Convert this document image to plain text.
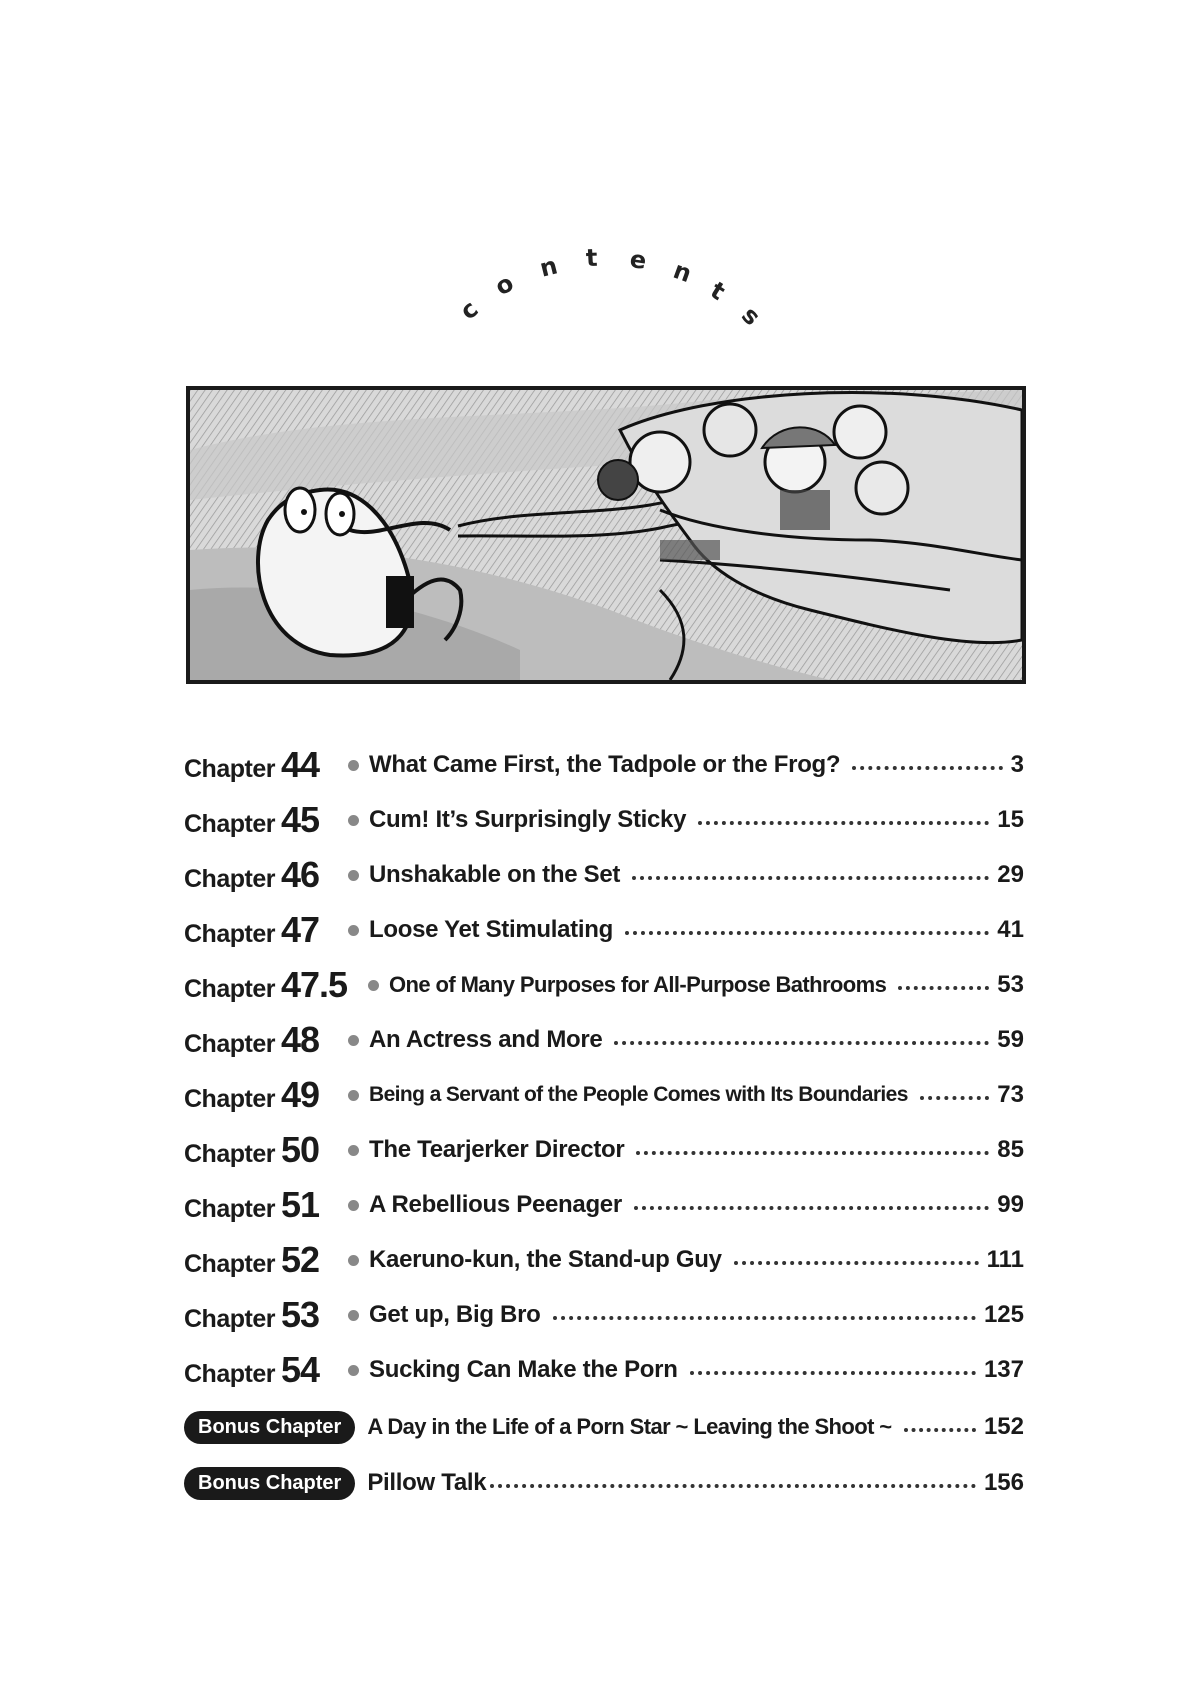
c
o
n t e n
t
s
Chapter 44 What Came First, the Tadpole or the Frog?	3
Chapter 45 Cum! It’s Surprisingly Sticky	15
Chapter 46 Unshakable on the Set	29
Chapter 47 Loose Yet Stimulating	41
Chapter 47.5 One of Many Purposes for All-Purpose Bathrooms	53
Chapter 48 An Actress and More	59
Chapter 49 Being a Servant of the People Comes with Its Boundaries	73
Chapter 50 The Tearjerker Director	85
Chapter 51 A Rebellious Peenager	99
Chapter 52 Kaeruno-kun, the Stand-up Guy	111
Chapter 53 Get up, Big Bro	125
Chapter 54 Sucking Can Make the Porn	137
Bonus Chapter	A Day in the Life of a Porn Star ~ Leaving the Shoot ~	152
Bonus Chapter	Pillow Talk	156
